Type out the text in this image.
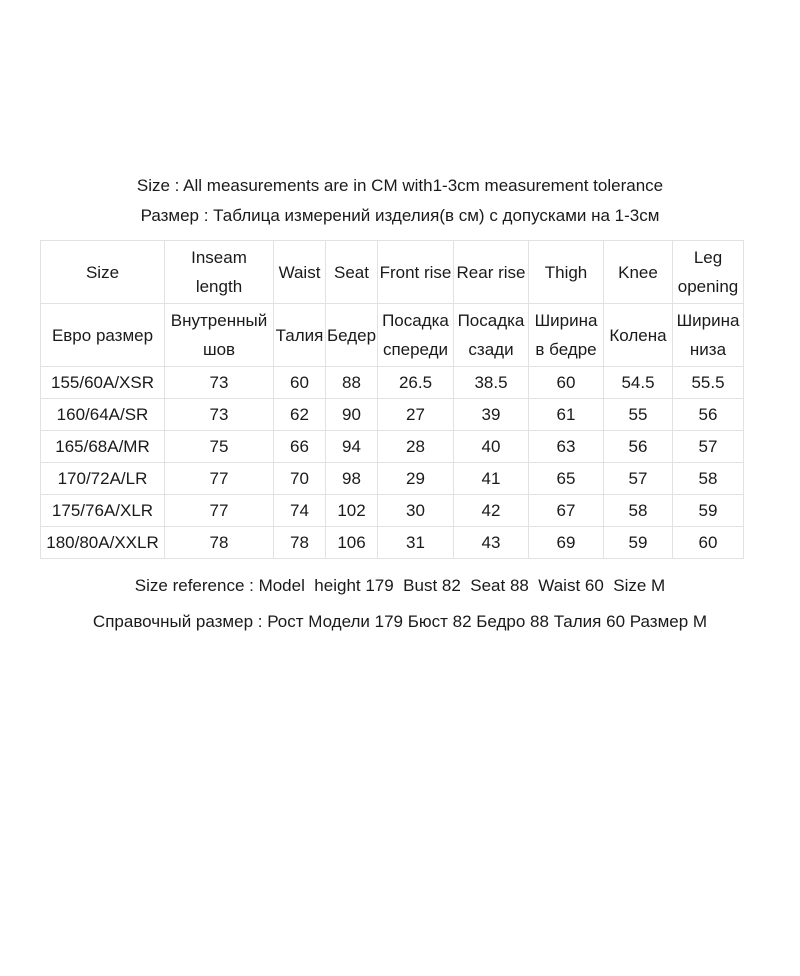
Size : All measurements are in CM with1-3cm measurement tolerance

Размер : Таблица измерений изделия(в см) с допусками на 1-3см

Size	Inseam length	Waist	Seat	Front rise	Rear rise	Thigh	Knee	Leg opening
Евро размер	Внутренный шов	Талия	Бедер	Посадка спереди	Посадка сзади	Ширина в бедре	Колена	Ширина низа
155/60A/XSR	73	60	88	26.5	38.5	60	54.5	55.5
160/64A/SR	73	62	90	27	39	61	55	56
165/68A/MR	75	66	94	28	40	63	56	57
170/72A/LR	77	70	98	29	41	65	57	58
175/76A/XLR	77	74	102	30	42	67	58	59
180/80A/XXLR	78	78	106	31	43	69	59	60

Size reference : Model  height 179  Bust 82  Seat 88  Waist 60  Size M

Справочный размер : Рост Модели 179 Бюст 82 Бедро 88 Талия 60 Размер М
